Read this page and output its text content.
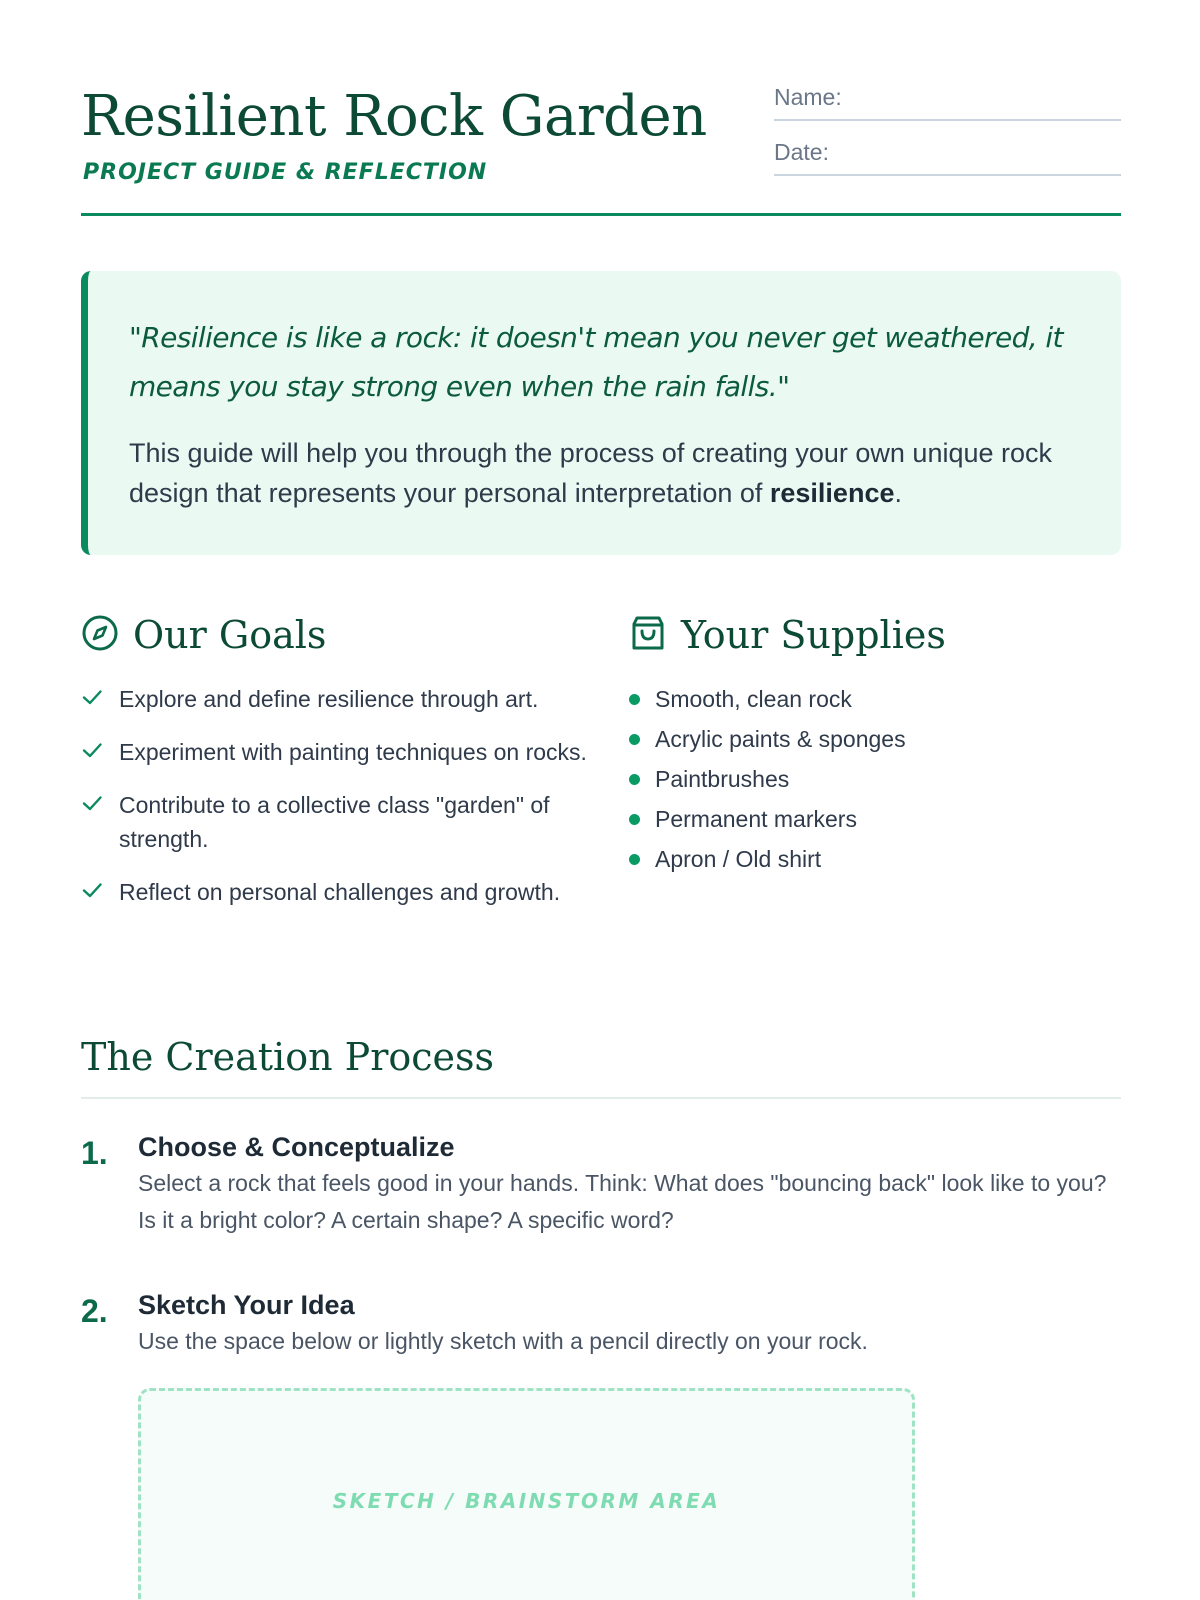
Resilient Rock Garden
PROJECT GUIDE & REFLECTION
Name:
Date:

"Resilience is like a rock: it doesn't mean you never get weathered, it means you stay strong even when the rain falls."

This guide will help you through the process of creating your own unique rock design that represents your personal interpretation of resilience.

Our Goals
Explore and define resilience through art.
Experiment with painting techniques on rocks.
Contribute to a collective class "garden" of strength.
Reflect on personal challenges and growth.
Your Supplies
Smooth, clean rock
Acrylic paints & sponges
Paintbrushes
Permanent markers
Apron / Old shirt
The Creation Process
1. Choose & Conceptualize
Select a rock that feels good in your hands. Think: What does "bouncing back" look like to you? Is it a bright color? A certain shape? A specific word?
2. Sketch Your Idea
Use the space below or lightly sketch with a pencil directly on your rock.
SKETCH / BRAINSTORM AREA
